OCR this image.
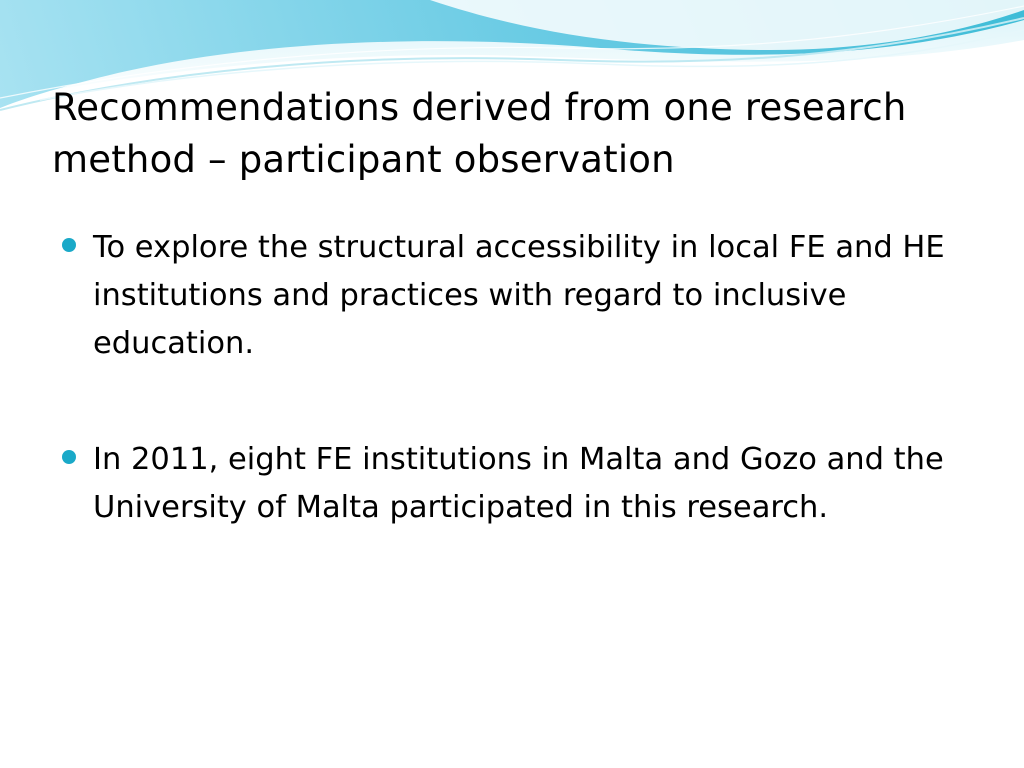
Recommendations derived from one research method – participant observation
To explore the structural accessibility in local FE and HE institutions and practices with regard to inclusive education.
In 2011, eight FE institutions in Malta and Gozo and the University of Malta participated in this research.
